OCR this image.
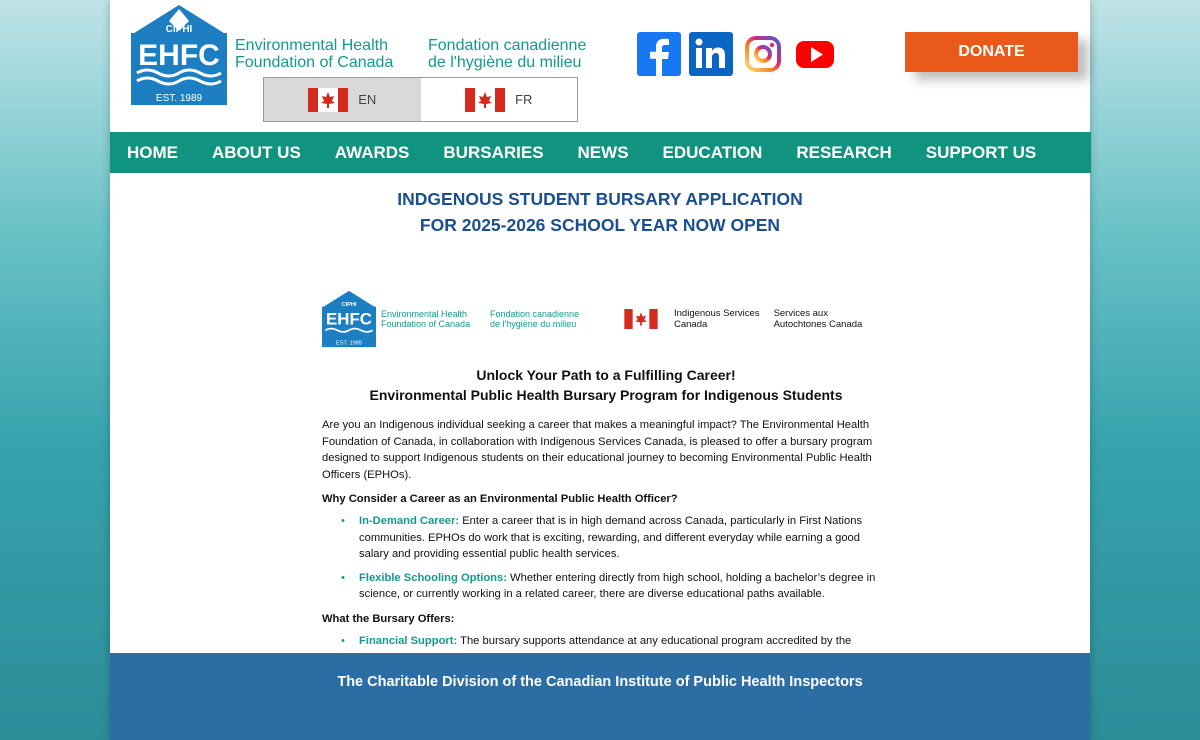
CIPHI
EHFC
EST. 1989
Environmental Health
Foundation of Canada
Fondation canadienne
de l'hygiène du milieu
EN	FR
DONATE
HOME	ABOUT US	AWARDS	BURSARIES	NEWS	EDUCATION	RESEARCH	SUPPORT US
INDGENOUS STUDENT BURSARY APPLICATION
FOR 2025-2026 SCHOOL YEAR NOW OPEN
CIPHI
EHFC
EST. 1989
Environmental Health
Foundation of Canada
Fondation canadienne
de l'hygiène du milieu
Indigenous Services
Canada
Services aux
Autochtones Canada
Unlock Your Path to a Fulfilling Career!
Environmental Public Health Bursary Program for Indigenous Students

Are you an Indigenous individual seeking a career that makes a meaningful impact? The Environmental Health Foundation of Canada, in collaboration with Indigenous Services Canada, is pleased to offer a bursary program designed to support Indigenous students on their educational journey to becoming Environmental Public Health Officers (EPHOs).

Why Consider a Career as an Environmental Public Health Officer?
• In-Demand Career: Enter a career that is in high demand across Canada, particularly in First Nations communities. EPHOs do work that is exciting, rewarding, and different everyday while earning a good salary and providing essential public health services.
• Flexible Schooling Options: Whether entering directly from high school, holding a bachelor’s degree in science, or currently working in a related career, there are diverse educational paths available.
What the Bursary Offers:
• Financial Support: The bursary supports attendance at any educational program accredited by the
The Charitable Division of the Canadian Institute of Public Health Inspectors
